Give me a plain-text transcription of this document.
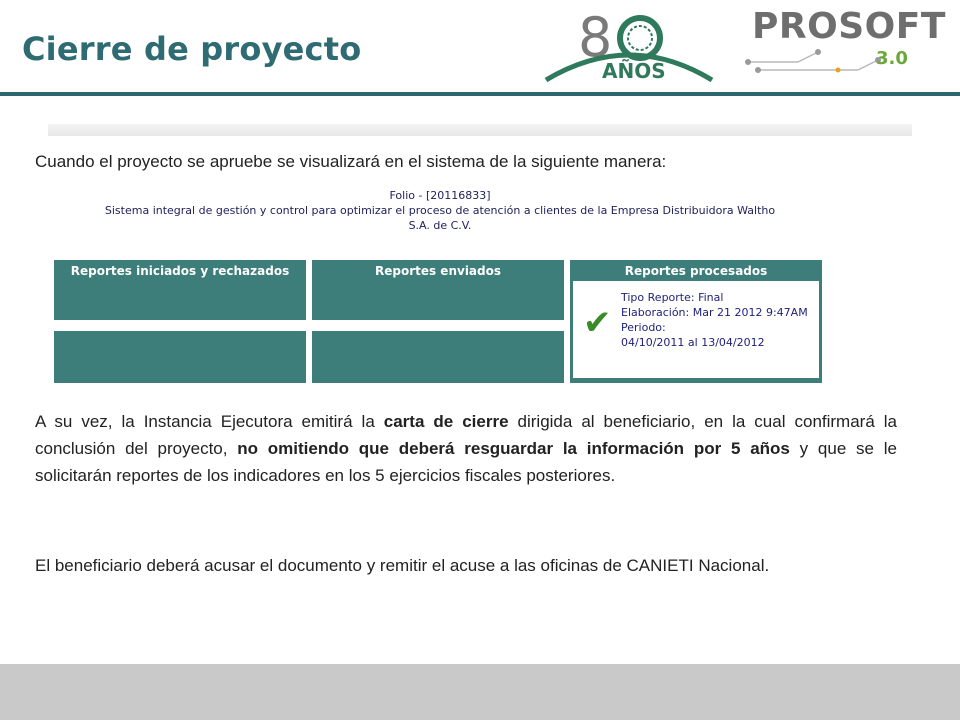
Cierre de proyecto	8
AÑOS
PROSOFT
3.0
Cuando el proyecto se apruebe se visualizará en el sistema de la siguiente manera:
Folio - [20116833]
Sistema integral de gestión y control para optimizar el proceso de atención a clientes de la Empresa Distribuidora Waltho
S.A. de C.V.
Reportes iniciados y rechazados	Reportes enviados	Reportes procesados
✔
Tipo Reporte: Final
Elaboración: Mar 21 2012 9:47AM
Periodo:
04/10/2011 al 13/04/2012
A su vez, la Instancia Ejecutora emitirá la carta de cierre dirigida al beneficiario, en la cual confirmará la conclusión del proyecto, no omitiendo que deberá resguardar la información por 5 años y que se le solicitarán reportes de los indicadores en los 5 ejercicios fiscales posteriores.
El beneficiario deberá acusar el documento y remitir el acuse a las oficinas de CANIETI Nacional.
